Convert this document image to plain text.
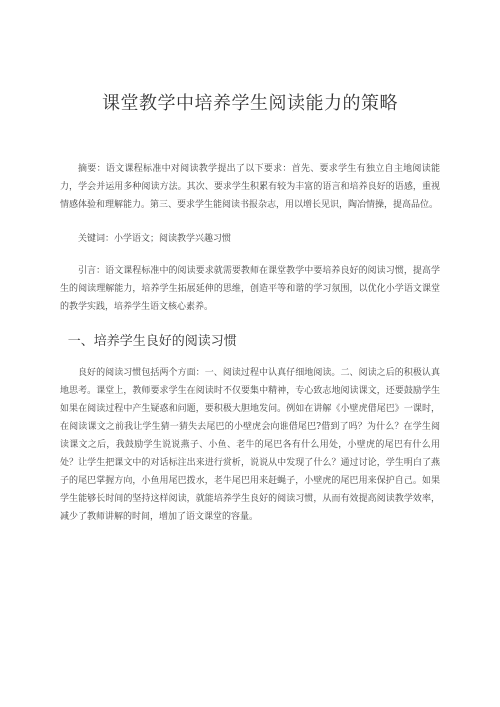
课堂教学中培养学生阅读能力的策略

摘要：语文课程标准中对阅读教学提出了以下要求：首先、要求学生有独立自主地阅读能力，学会并运用多种阅读方法。其次、要求学生积累有较为丰富的语言和培养良好的语感，重视情感体验和理解能力。第三、要求学生能阅读书报杂志，用以增长见识，陶冶情操，提高品位。

关键词：小学语文；阅读教学兴趣习惯

引言：语文课程标准中的阅读要求就需要教师在课堂教学中要培养良好的阅读习惯，提高学生的阅读理解能力，培养学生拓展延伸的思维，创造平等和谐的学习氛围，以优化小学语文课堂的教学实践，培养学生语文核心素养。

一、培养学生良好的阅读习惯

良好的阅读习惯包括两个方面：一、阅读过程中认真仔细地阅读。二、阅读之后的积极认真地思考。课堂上，教师要求学生在阅读时不仅要集中精神，专心致志地阅读课文，还要鼓励学生如果在阅读过程中产生疑惑和问题，要积极大胆地发问。例如在讲解《小壁虎借尾巴》一课时，在阅读课文之前我让学生猜一猜失去尾巴的小壁虎会向谁借尾巴?借到了吗？为什么？在学生阅读课文之后，我鼓励学生说说燕子、小鱼、老牛的尾巴各有什么用处，小壁虎的尾巴有什么用处？让学生把课文中的对话标注出来进行赏析，说说从中发现了什么？通过讨论，学生明白了燕子的尾巴掌握方向，小鱼用尾巴拨水，老牛尾巴用来赶蝇子，小壁虎的尾巴用来保护自己。如果学生能够长时间的坚持这样阅读，就能培养学生良好的阅读习惯，从而有效提高阅读教学效率，减少了教师讲解的时间，增加了语文课堂的容量。
